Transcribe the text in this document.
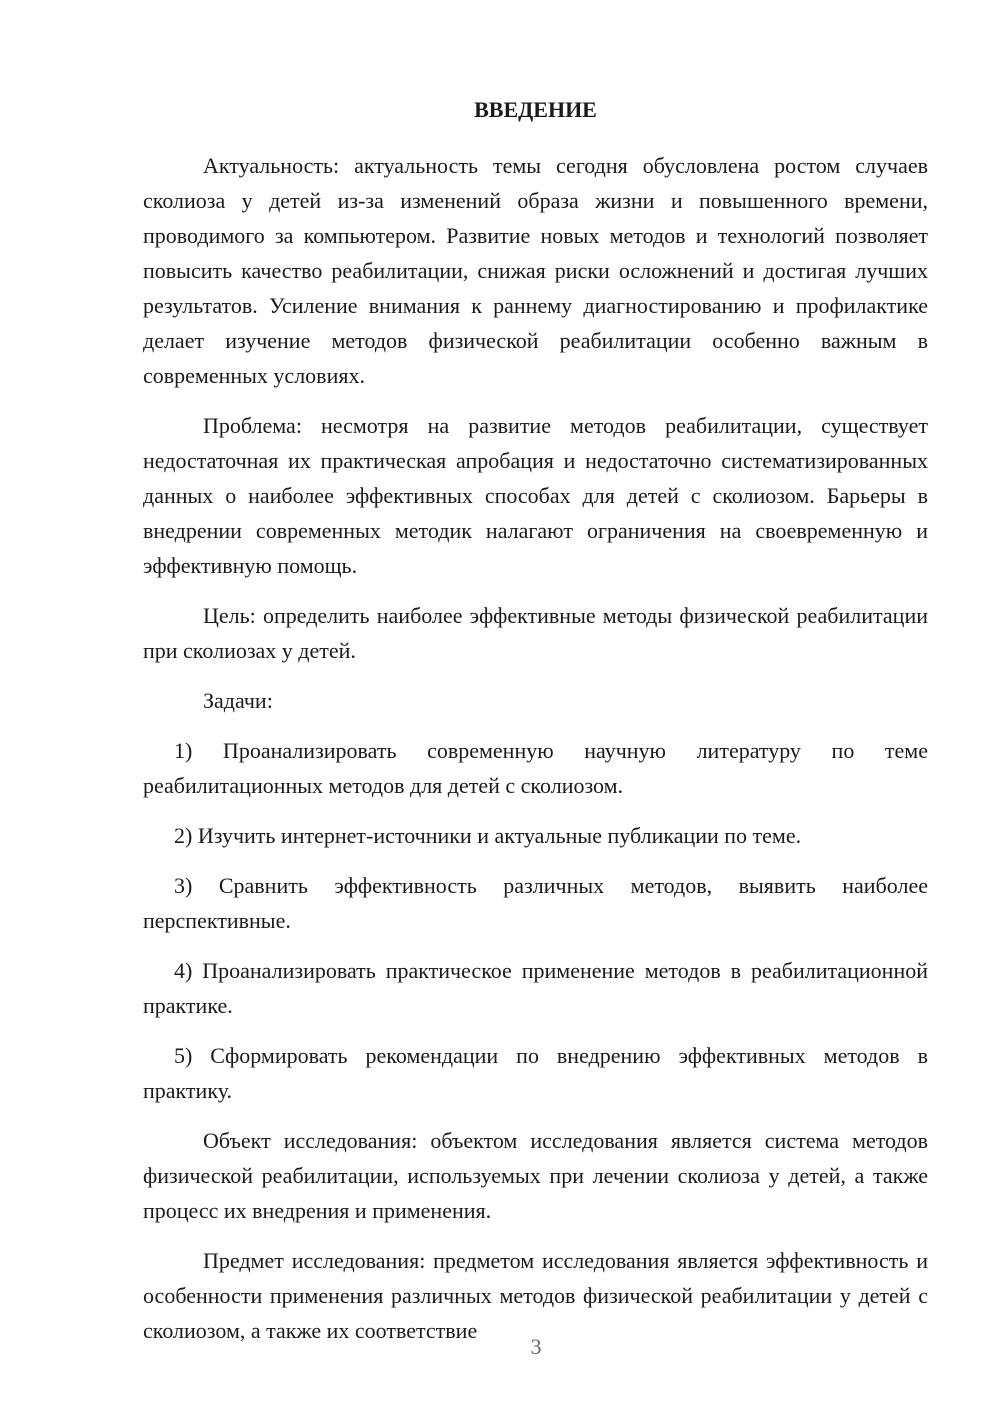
ВВЕДЕНИЕ

Актуальность: актуальность темы сегодня обусловлена ростом случаев сколиоза у детей из-за изменений образа жизни и повышенного времени, проводимого за компьютером. Развитие новых методов и технологий позволяет повысить качество реабилитации, снижая риски осложнений и достигая лучших результатов. Усиление внимания к раннему диагностированию и профилактике делает изучение методов физической реабилитации особенно важным в современных условиях.

Проблема: несмотря на развитие методов реабилитации, существует недостаточная их практическая апробация и недостаточно систематизированных данных о наиболее эффективных способах для детей с сколиозом. Барьеры в внедрении современных методик налагают ограничения на своевременную и эффективную помощь.

Цель: определить наиболее эффективные методы физической реабилитации при сколиозах у детей.

Задачи:

1) Проанализировать современную научную литературу по теме реабилитационных методов для детей с сколиозом.

2) Изучить интернет-источники и актуальные публикации по теме.

3) Сравнить эффективность различных методов, выявить наиболее перспективные.

4) Проанализировать практическое применение методов в реабилитационной практике.

5) Сформировать рекомендации по внедрению эффективных методов в практику.

Объект исследования: объектом исследования является система методов физической реабилитации, используемых при лечении сколиоза у детей, а также процесс их внедрения и применения.

Предмет исследования: предметом исследования является эффективность и особенности применения различных методов физической реабилитации у детей с сколиозом, а также их соответствие

3
